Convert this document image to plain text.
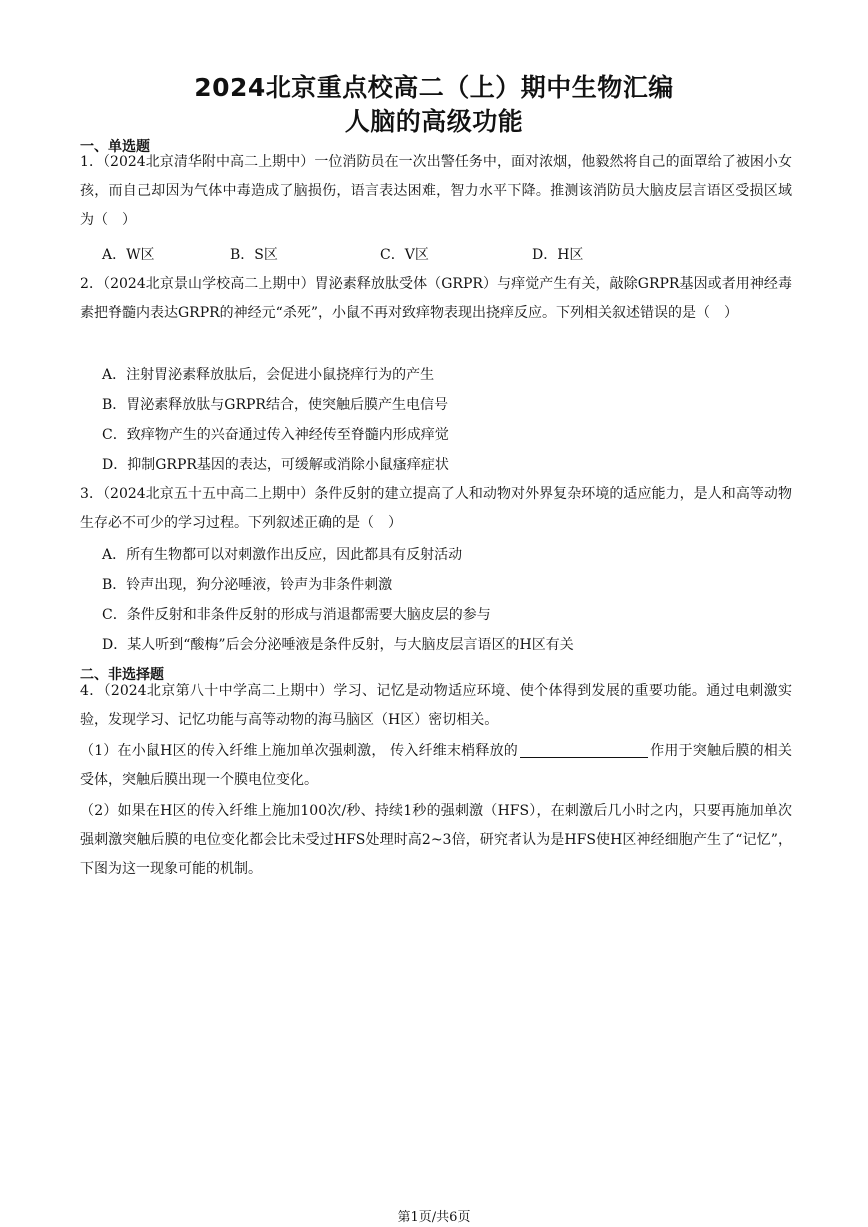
2024北京重点校高二（上）期中生物汇编
人脑的高级功能
一、单选题
1．（2024北京清华附中高二上期中）一位消防员在一次出警任务中，面对浓烟，他毅然将自己的面罩给了被困小女孩，而自己却因为气体中毒造成了脑损伤，语言表达困难，智力水平下降。推测该消防员大脑皮层言语区受损区域为（　）
A．W区	B．S区	C．V区	D．H区
2．（2024北京景山学校高二上期中）胃泌素释放肽受体（GRPR）与痒觉产生有关，敲除GRPR基因或者用神经毒素把脊髓内表达GRPR的神经元“杀死”，小鼠不再对致痒物表现出挠痒反应。下列相关叙述错误的是（　）
A．注射胃泌素释放肽后，会促进小鼠挠痒行为的产生
B．胃泌素释放肽与GRPR结合，使突触后膜产生电信号
C．致痒物产生的兴奋通过传入神经传至脊髓内形成痒觉
D．抑制GRPR基因的表达，可缓解或消除小鼠瘙痒症状
3．（2024北京五十五中高二上期中）条件反射的建立提高了人和动物对外界复杂环境的适应能力，是人和高等动物生存必不可少的学习过程。下列叙述正确的是（　）
A．所有生物都可以对刺激作出反应，因此都具有反射活动
B．铃声出现，狗分泌唾液，铃声为非条件刺激
C．条件反射和非条件反射的形成与消退都需要大脑皮层的参与
D．某人听到“酸梅”后会分泌唾液是条件反射，与大脑皮层言语区的H区有关
二、非选择题
4．（2024北京第八十中学高二上期中）学习、记忆是动物适应环境、使个体得到发展的重要功能。通过电刺激实验，发现学习、记忆功能与高等动物的海马脑区（H区）密切相关。
（1）在小鼠H区的传入纤维上施加单次强刺激， 传入纤维末梢释放的	作用于突触后膜的相关受体，突触后膜出现一个膜电位变化。
（2）如果在H区的传入纤维上施加100次/秒、持续1秒的强刺激（HFS），在刺激后几小时之内，只要再施加单次强刺激突触后膜的电位变化都会比未受过HFS处理时高2~3倍，研究者认为是HFS使H区神经细胞产生了“记忆”，下图为这一现象可能的机制。
第1页/共6页
